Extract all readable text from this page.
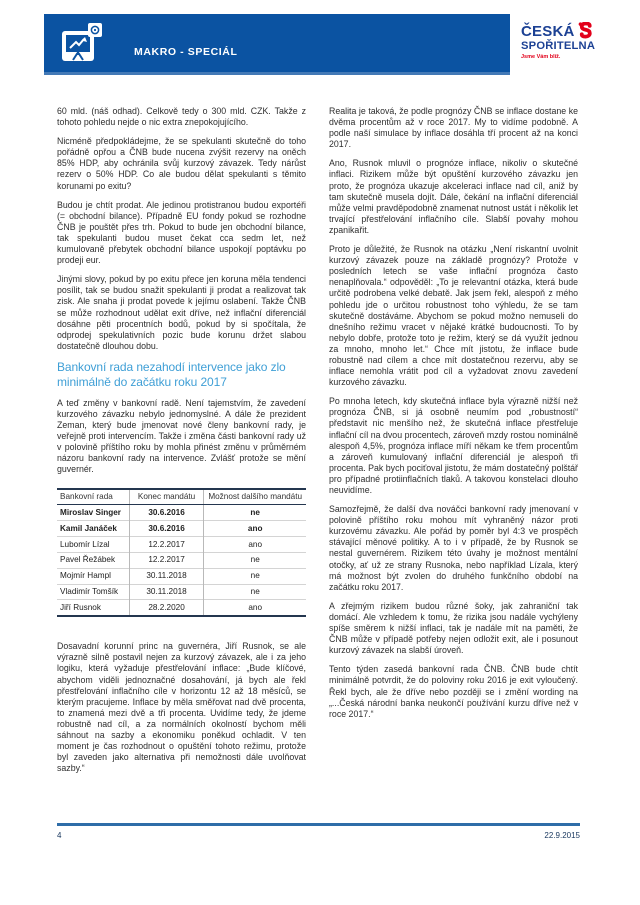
MAKRO - SPECIÁL
ČESKÁ
SPOŘITELNA
Jsme Vám blíž.

60 mld. (náš odhad). Celkově tedy o 300 mld. CZK. Takže z tohoto pohledu nejde o nic extra znepokojujícího.

Nicméně předpokládejme, že se spekulanti skutečně do toho pořádně opřou a ČNB bude nucena zvýšit rezervy na oněch 85% HDP, aby ochránila svůj kurzový závazek. Tedy nárůst rezerv o 50% HDP. Co ale budou dělat spekulanti s těmito korunami po exitu?

Budou je chtít prodat. Ale jedinou protistranou budou exportéři (= obchodní bilance). Případně EU fondy pokud se rozhodne ČNB je pouštět přes trh. Pokud to bude jen obchodní bilance, tak spekulanti budou muset čekat cca sedm let, než kumulovaně přebytek obchodní bilance uspokojí poptávku po prodeji eur.

Jinými slovy, pokud by po exitu přece jen koruna měla tendenci posílit, tak se budou snažit spekulanti ji prodat a realizovat tak zisk. Ale snaha ji prodat povede k jejímu oslabení. Takže ČNB se může rozhodnout udělat exit dříve, než inflační diferenciál dosáhne pěti procentních bodů, pokud by si spočítala, že odprodej spekulativních pozic bude korunu držet slabou dostatečně dlouhou dobu.

Bankovní rada nezahodí intervence jako zlo minimálně do začátku roku 2017

A teď změny v bankovní radě. Není tajemstvím, že zavedení kurzového závazku nebylo jednomyslné. A dále že prezident Zeman, který bude jmenovat nové členy bankovní rady, je veřejně proti intervencím. Takže i změna části bankovní rady už v polovině příštího roku by mohla přinést změnu v průměrném názoru bankovní rady na intervence. Zvlášť protože se mění guvernér.

Bankovní rada	Konec mandátu	Možnost dalšího mandátu
Miroslav Singer	30.6.2016	ne
Kamil Janáček	30.6.2016	ano
Lubomír Lízal	12.2.2017	ano
Pavel Řežábek	12.2.2017	ne
Mojmír Hampl	30.11.2018	ne
Vladimír Tomšík	30.11.2018	ne
Jiří Rusnok	28.2.2020	ano

Dosavadní korunní princ na guvernéra, Jiří Rusnok, se ale výrazně silně postavil nejen za kurzový závazek, ale i za jeho logiku, která vyžaduje přestřelování inflace: „Bude klíčové, abychom viděli jednoznačné dosahování, já bych ale řekl přestřelování inflačního cíle v horizontu 12 až 18 měsíců, se kterým pracujeme. Inflace by měla směřovat nad dvě procenta, to znamená mezi dvě a tři procenta. Uvidíme tedy, že jdeme robustně nad cíl, a za normálních okolností bychom měli sáhnout na sazby a ekonomiku poněkud ochladit. V ten moment je čas rozhodnout o opuštění tohoto režimu, protože byl zaveden jako alternativa při nemožnosti dále uvolňovat sazby.“

Realita je taková, že podle prognózy ČNB se inflace dostane ke dvěma procentům až v roce 2017. My to vidíme podobně. A podle naší simulace by inflace dosáhla tří procent až na konci 2017.

Ano, Rusnok mluvil o prognóze inflace, nikoliv o skutečné inflaci. Rizikem může být opuštění kurzového závazku jen proto, že prognóza ukazuje akceleraci inflace nad cíl, aniž by tam skutečně musela dojít. Dále, čekání na inflační diferenciál může velmi pravděpodobně znamenat nutnost ustát i několik let trvající přestřelování inflačního cíle. Slabší povahy mohou zpanikařit.

Proto je důležité, že Rusnok na otázku „Není riskantní uvolnit kurzový závazek pouze na základě prognózy? Protože v posledních letech se vaše inflační prognóza často nenaplňovala.“ odpověděl: „To je relevantní otázka, která bude určitě podrobena velké debatě. Jak jsem řekl, alespoň z mého pohledu jde o určitou robustnost toho výhledu, že se tam skutečně dostáváme. Abychom se pokud možno nemuseli do dnešního režimu vracet v nějaké krátké budoucnosti. To by nebylo dobře, protože toto je režim, který se dá využít jednou za mnoho, mnoho let.“ Chce mít jistotu, že inflace bude robustně nad cílem a chce mít dostatečnou rezervu, aby se inflace nemohla vrátit pod cíl a vyžadovat znovu zavedení kurzového závazku.

Po mnoha letech, kdy skutečná inflace byla výrazně nižší než prognóza ČNB, si já osobně neumím pod „robustností“ představit nic menšího než, že skutečná inflace přestřeluje inflační cíl na dvou procentech, zároveň mzdy rostou nominálně alespoň 4,5%, prognóza inflace míří někam ke třem procentům a zároveň kumulovaný inflační diferenciál je alespoň tři procenta. Pak bych pociťoval jistotu, že mám dostatečný polštář pro případné protiinflačních tlaků. A takovou konstelaci dlouho neuvidíme.

Samozřejmě, že další dva nováčci bankovní rady jmenovaní v polovině příštího roku mohou mít vyhraněný názor proti kurzovému závazku. Ale pořád by poměr byl 4:3 ve prospěch stávající měnové politiky. A to i v případě, že by Rusnok se nestal guvernérem. Rizikem této úvahy je možnost mentální otočky, ať už ze strany Rusnoka, nebo například Lízala, který má možnost být zvolen do druhého funkčního období na začátku roku 2017.

A zřejmým rizikem budou různé šoky, jak zahraniční tak domácí. Ale vzhledem k tomu, že rizika jsou nadále vychýleny spíše směrem k nižší inflaci, tak je nadále mít na paměti, že ČNB může v případě potřeby nejen odložit exit, ale i posunout kurzový závazek na slabší úroveň.

Tento týden zasedá bankovní rada ČNB. ČNB bude chtít minimálně potvrdit, že do poloviny roku 2016 je exit vyloučený. Řekl bych, ale že dříve nebo později se i změní wording na „...Česká národní banka neukončí používání kurzu dříve než v roce 2017.“

4	22.9.2015
